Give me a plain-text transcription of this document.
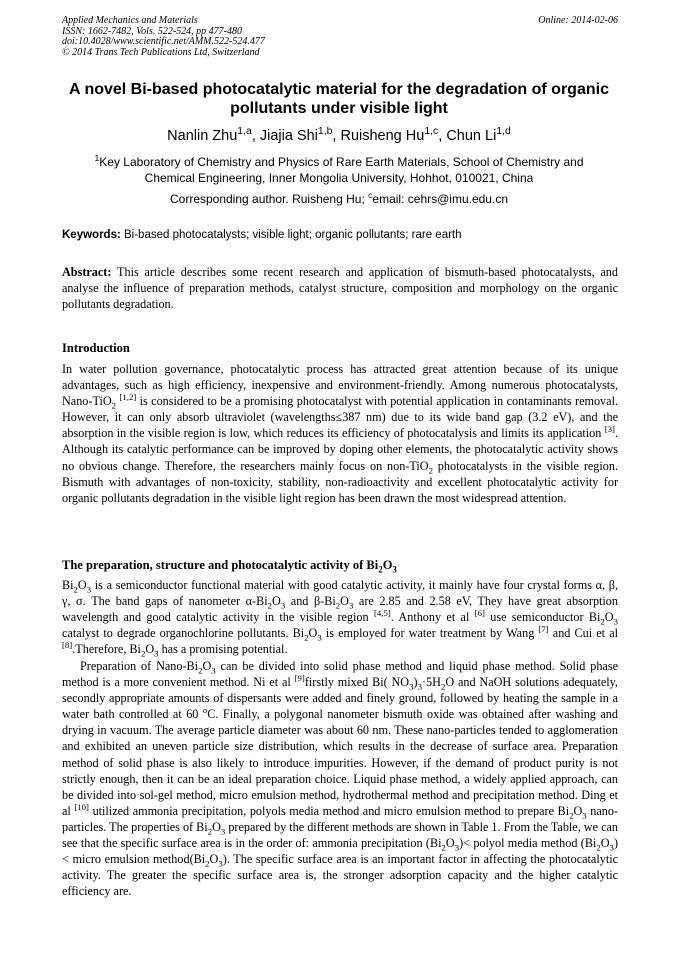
Applied Mechanics and Materials
ISSN: 1662-7482, Vols. 522-524, pp 477-480
doi:10.4028/www.scientific.net/AMM.522-524.477
© 2014 Trans Tech Publications Ltd, Switzerland
Online: 2014-02-06
A novel Bi-based photocatalytic material for the degradation of organic pollutants under visible light
Nanlin Zhu$^{1,a}$, Jiajia Shi$^{1,b}$, Ruisheng Hu$^{1,c}$, Chun Li$^{1,d}$
$^1$Key Laboratory of Chemistry and Physics of Rare Earth Materials, School of Chemistry and Chemical Engineering, Inner Mongolia University, Hohhot, 010021, China
Corresponding author. Ruisheng Hu; $^c$email: cehrs@imu.edu.cn
Keywords: Bi-based photocatalysts; visible light; organic pollutants; rare earth

Abstract: This article describes some recent research and application of bismuth-based photocatalysts, and analyse the influence of preparation methods, catalyst structure, composition and morphology on the organic pollutants degradation.

Introduction

In water pollution governance, photocatalytic process has attracted great attention because of its unique advantages, such as high efficiency, inexpensive and environment-friendly. Among numerous photocatalysts, Nano-TiO$_2$ [1,2] is considered to be a promising photocatalyst with potential application in contaminants removal. However, it can only absorb ultraviolet (wavelengths≤387 nm) due to its wide band gap (3.2 eV), and the absorption in the visible region is low, which reduces its efficiency of photocatalysis and limits its application [3]. Although its catalytic performance can be improved by doping other elements, the photocatalytic activity shows no obvious change. Therefore, the researchers mainly focus on non-TiO$_2$ photocatalysts in the visible region. Bismuth with advantages of non-toxicity, stability, non-radioactivity and excellent photocatalytic activity for organic pollutants degradation in the visible light region has been drawn the most widespread attention.

The preparation, structure and photocatalytic activity of $Bi_2O_3$

$Bi_2O_3$ is a semiconductor functional material with good catalytic activity, it mainly have four crystal forms α, β, γ, σ. The band gaps of nanometer $\alpha-Bi_2O_3$ and $\beta-Bi_2O_3$ are 2.85 and 2.58 eV, They have great absorption wavelength and good catalytic activity in the visible region [4,5]. Anthony et al [6] use semiconductor $Bi_2O_3$ catalyst to degrade organochlorine pollutants. $Bi_2O_3$ is employed for water treatment by Wang [7] and Cui et al [8].Therefore, $Bi_2O_3$ has a promising potential.

Preparation of Nano-$Bi_2O_3$ can be divided into solid phase method and liquid phase method. Solid phase method is a more convenient method. Ni et al [9]firstly mixed Bi( $NO_3)_3\cdot 5H_2O$ and NaOH solutions adequately, secondly appropriate amounts of dispersants were added and finely ground, followed by heating the sample in a water bath controlled at 60 $^o$C. Finally, a polygonal nanometer bismuth oxide was obtained after washing and drying in vacuum. The average particle diameter was about 60 nm. These nano-particles tended to agglomeration and exhibited an uneven particle size distribution, which results in the decrease of surface area. Preparation method of solid phase is also likely to introduce impurities. However, if the demand of product purity is not strictly enough, then it can be an ideal preparation choice. Liquid phase method, a widely applied approach, can be divided into sol-gel method, micro emulsion method, hydrothermal method and precipitation method. Ding et al [10] utilized ammonia precipitation, polyols media method and micro emulsion method to prepare $Bi_2O_3$ nano-particles. The properties of $Bi_2O_3$ prepared by the different methods are shown in Table 1. From the Table, we can see that the specific surface area is in the order of: ammonia precipitation $(Bi_2O_3)<$ polyol media method $(Bi_2O_3)<$ micro emulsion $method(Bi_2O_3)$. The specific surface area is an important factor in affecting the photocatalytic activity. The greater the specific surface area is, the stronger adsorption capacity and the higher catalytic efficiency are.
